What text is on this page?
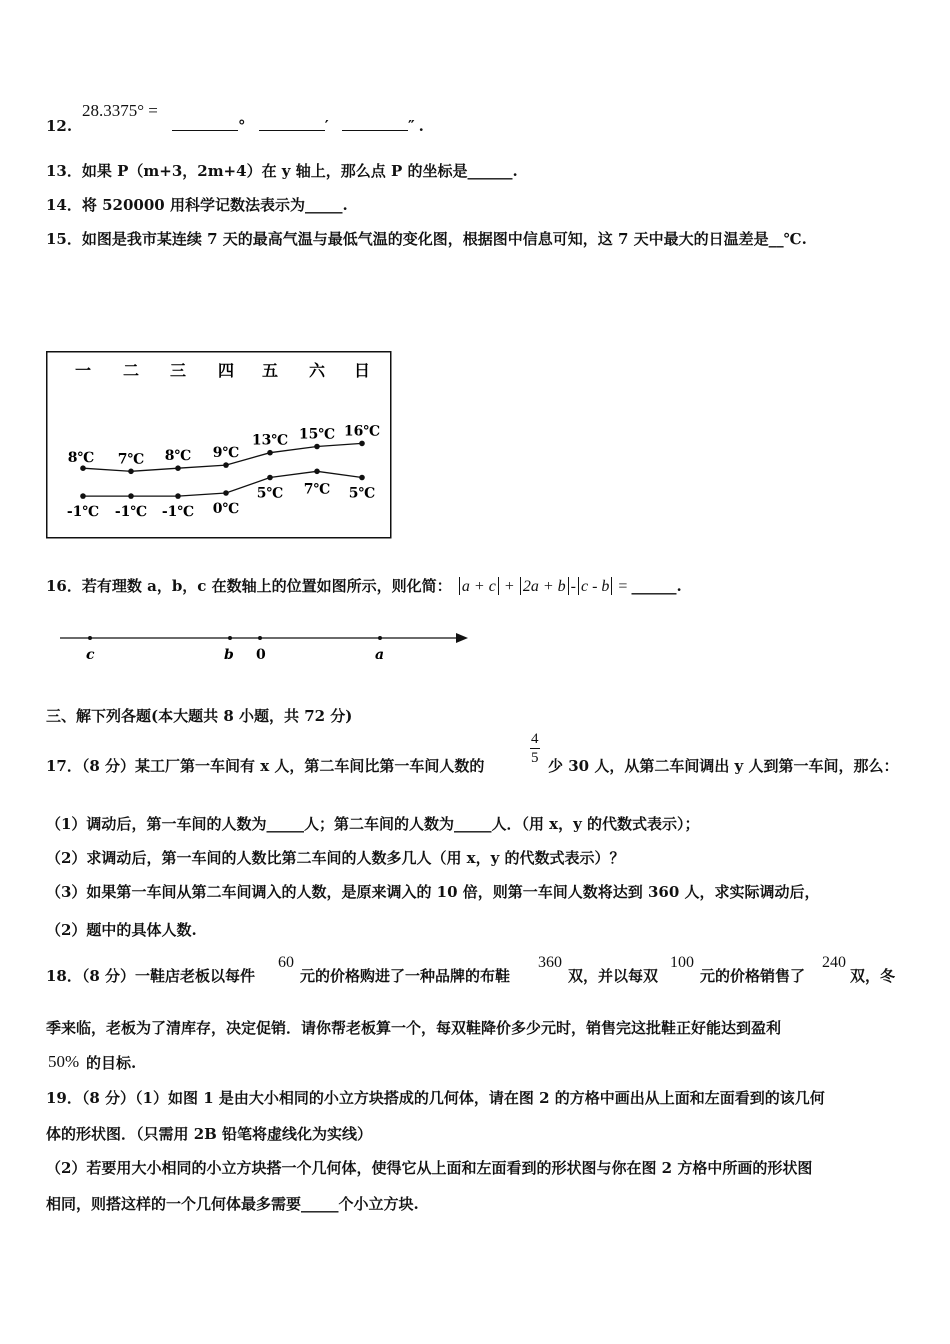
12.
28.3375° =
°	′	″ .
13．如果 P（m+3，2m+4）在 y 轴上，那么点 P 的坐标是______.
14．将 520000 用科学记数法表示为_____.
15．如图是我市某连续 7 天的最高气温与最低气温的变化图，根据图中信息可知，这 7 天中最大的日温差是__℃.
一 二 三 四 五 六 日
8℃ 7℃ 8℃ 9℃
13℃ 15℃ 16℃
-1℃ -1℃ -1℃ 0℃
5℃ 7℃ 5℃
16．若有理数 a，b，c 在数轴上的位置如图所示，则化简： a + c + 2a + b - c - b = ______.
c	b 0	a
三、解下列各题(本大题共 8 小题，共 72 分)
$\frac{4}{5}$
17．（8 分）某工厂第一车间有 x 人，第二车间比第一车间人数的	少 30 人，从第二车间调出 y 人到第一车间，那么：
（1）调动后，第一车间的人数为_____人；第二车间的人数为_____人．（用 x，y 的代数式表示）；
（2）求调动后，第一车间的人数比第二车间的人数多几人（用 x，y 的代数式表示）？
（3）如果第一车间从第二车间调入的人数，是原来调入的 10 倍，则第一车间人数将达到 360 人，求实际调动后，
（2）题中的具体人数.
18．（8 分）一鞋店老板以每件
60
元的价格购进了一种品牌的布鞋
360
双，并以每双
100
元的价格销售了
240
双，冬
季来临，老板为了清库存，决定促销．请你帮老板算一个，每双鞋降价多少元时，销售完这批鞋正好能达到盈利
50% 的目标.
19．（8 分）（1）如图 1 是由大小相同的小立方块搭成的几何体，请在图 2 的方格中画出从上面和左面看到的该几何
体的形状图．（只需用 2B 铅笔将虚线化为实线）
（2）若要用大小相同的小立方块搭一个几何体，使得它从上面和左面看到的形状图与你在图 2 方格中所画的形状图
相同，则搭这样的一个几何体最多需要_____个小立方块.
